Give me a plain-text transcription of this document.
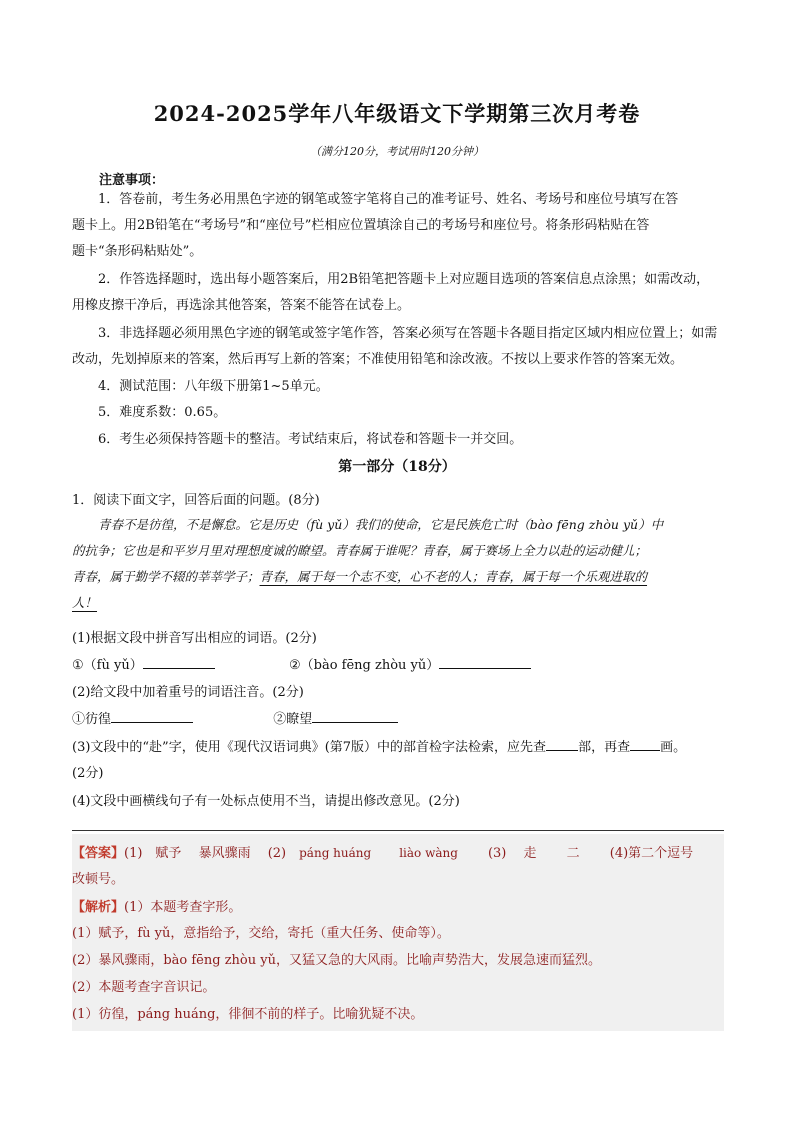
2024-2025学年八年级语文下学期第三次月考卷
（满分120分，考试用时120分钟）
注意事项：
1．答卷前，考生务必用黑色字迹的钢笔或签字笔将自己的准考证号、姓名、考场号和座位号填写在答
题卡上。用2B铅笔在“考场号”和“座位号”栏相应位置填涂自己的考场号和座位号。将条形码粘贴在答
题卡“条形码粘贴处”。
2．作答选择题时，选出每小题答案后，用2B铅笔把答题卡上对应题目选项的答案信息点涂黑；如需改动，
用橡皮擦干净后，再选涂其他答案，答案不能答在试卷上。
3．非选择题必须用黑色字迹的钢笔或签字笔作答，答案必须写在答题卡各题目指定区域内相应位置上；如需
改动，先划掉原来的答案，然后再写上新的答案；不准使用铅笔和涂改液。不按以上要求作答的答案无效。
4．测试范围：八年级下册第1~5单元。
5．难度系数：0.65。
6．考生必须保持答题卡的整洁。考试结束后，将试卷和答题卡一并交回。
第一部分（18分）
1．阅读下面文字，回答后面的问题。(8分)
青春不是彷徨，不是懈怠。它是历史（fù yǔ）我们的使命，它是民族危亡时（bào fēng zhòu yǔ）中
的抗争；它也是和平岁月里对理想度诚的瞭望。青春属于谁呢？青春，属于赛场上全力以赴的运动健儿；
青春，属于勤学不辍的莘莘学子；青春，属于每一个志不变，心不老的人；青春，属于每一个乐观进取的
人！
(1)根据文段中拼音写出相应的词语。(2分)
①（fù yǔ）	②（bào fēng zhòu yǔ）
(2)给文段中加着重号的词语注音。(2分)
①彷徨	②瞭望
(3)文段中的“赴”字，使用《现代汉语词典》(第7版）中的部首检字法检索，应先查 部，再查 画。
(2分)
(4)文段中画横线句子有一处标点使用不当，请提出修改意见。(2分)
【答案】(1)　赋予　 暴风骤雨　 (2)　páng huáng liào wàng (3)　 走　　 二　　 (4)第二个逗号
改顿号。
【解析】(1）本题考查字形。
(1）赋予，fù yǔ，意指给予，交给，寄托（重大任务、使命等）。
(2）暴风骤雨，bào fēng zhòu yǔ，又猛又急的大风雨。比喻声势浩大，发展急速而猛烈。
(2）本题考查字音识记。
(1）彷徨，páng huáng，徘徊不前的样子。比喻犹疑不决。
